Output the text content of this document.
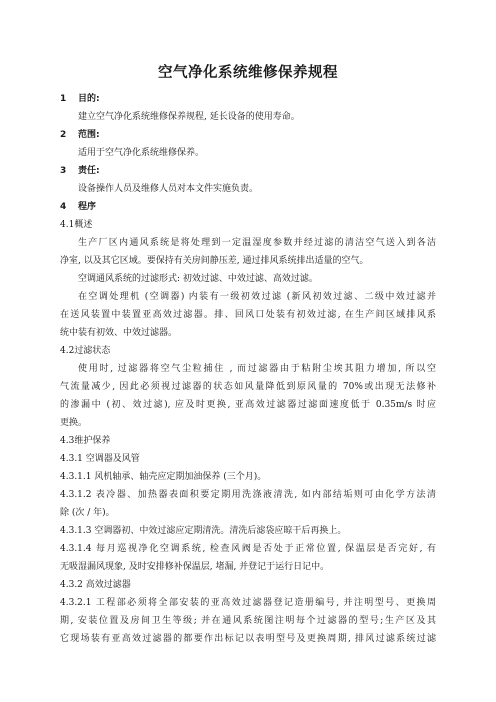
空气净化系统维修保养规程
1 目的:
建立空气净化系统维修保养规程, 延长设备的使用寿命。
2 范围:
适用于空气净化系统维修保养。
3 责任:
设备操作人员及维修人员对本文件实施负责。
4 程序
4.1概述
生产厂区内通风系统是将处理到一定温湿度参数并经过滤的清洁空气送入到各洁
净室, 以及其它区域。要保持有关房间静压差, 通过排风系统排出适量的空气。
空调通风系统的过滤形式: 初效过滤、中效过滤、高效过滤。
在空调处理机 (空调器) 内装有一级初效过滤 (新风初效过滤、二级中效过滤并
在送风装置中装置亚高效过滤器。排、回风口处装有初效过滤, 在生产间区域排风系
统中装有初效、中效过滤器。
4.2过滤状态
使用时, 过滤器将空气尘粒捕住 , 而过滤器由于粘附尘埃其阻力增加, 所以空
气流量减少, 因此必须视过滤器的状态如风量降低到原风量的 70%或出现无法修补
的渗漏中 (初、效过滤), 应及时更换, 亚高效过滤器过滤面速度低于 0.35m/s 时应
更换。
4.3维护保养
4.3.1 空调器及风管
4.3.1.1 风机轴承、轴壳应定期加油保养 (三个月)。
4.3.1.2 表冷器、加热器表面积要定期用洗涤液清洗, 如内部结垢则可由化学方法清
除 (次 / 年)。
4.3.1.3 空调器初、中效过滤应定期清洗。清洗后滤袋应晾干后再换上。
4.3.1.4 每月巡视净化空调系统, 检查风阀是否处于正常位置, 保温层是否完好, 有
无吸湿漏风现象, 及时安排修补保温层, 堵漏, 并登记于运行日记中。
4.3.2 高效过滤器
4.3.2.1 工程部必须将全部安装的亚高效过滤器登记造册编号, 并注明型号、更换周
期, 安装位置及房间卫生等级; 并在通风系统图注明每个过滤器的型号;生产区及其
它现场装有亚高效过滤器的都要作出标记以表明型号及更换周期, 排风过滤系统过滤
